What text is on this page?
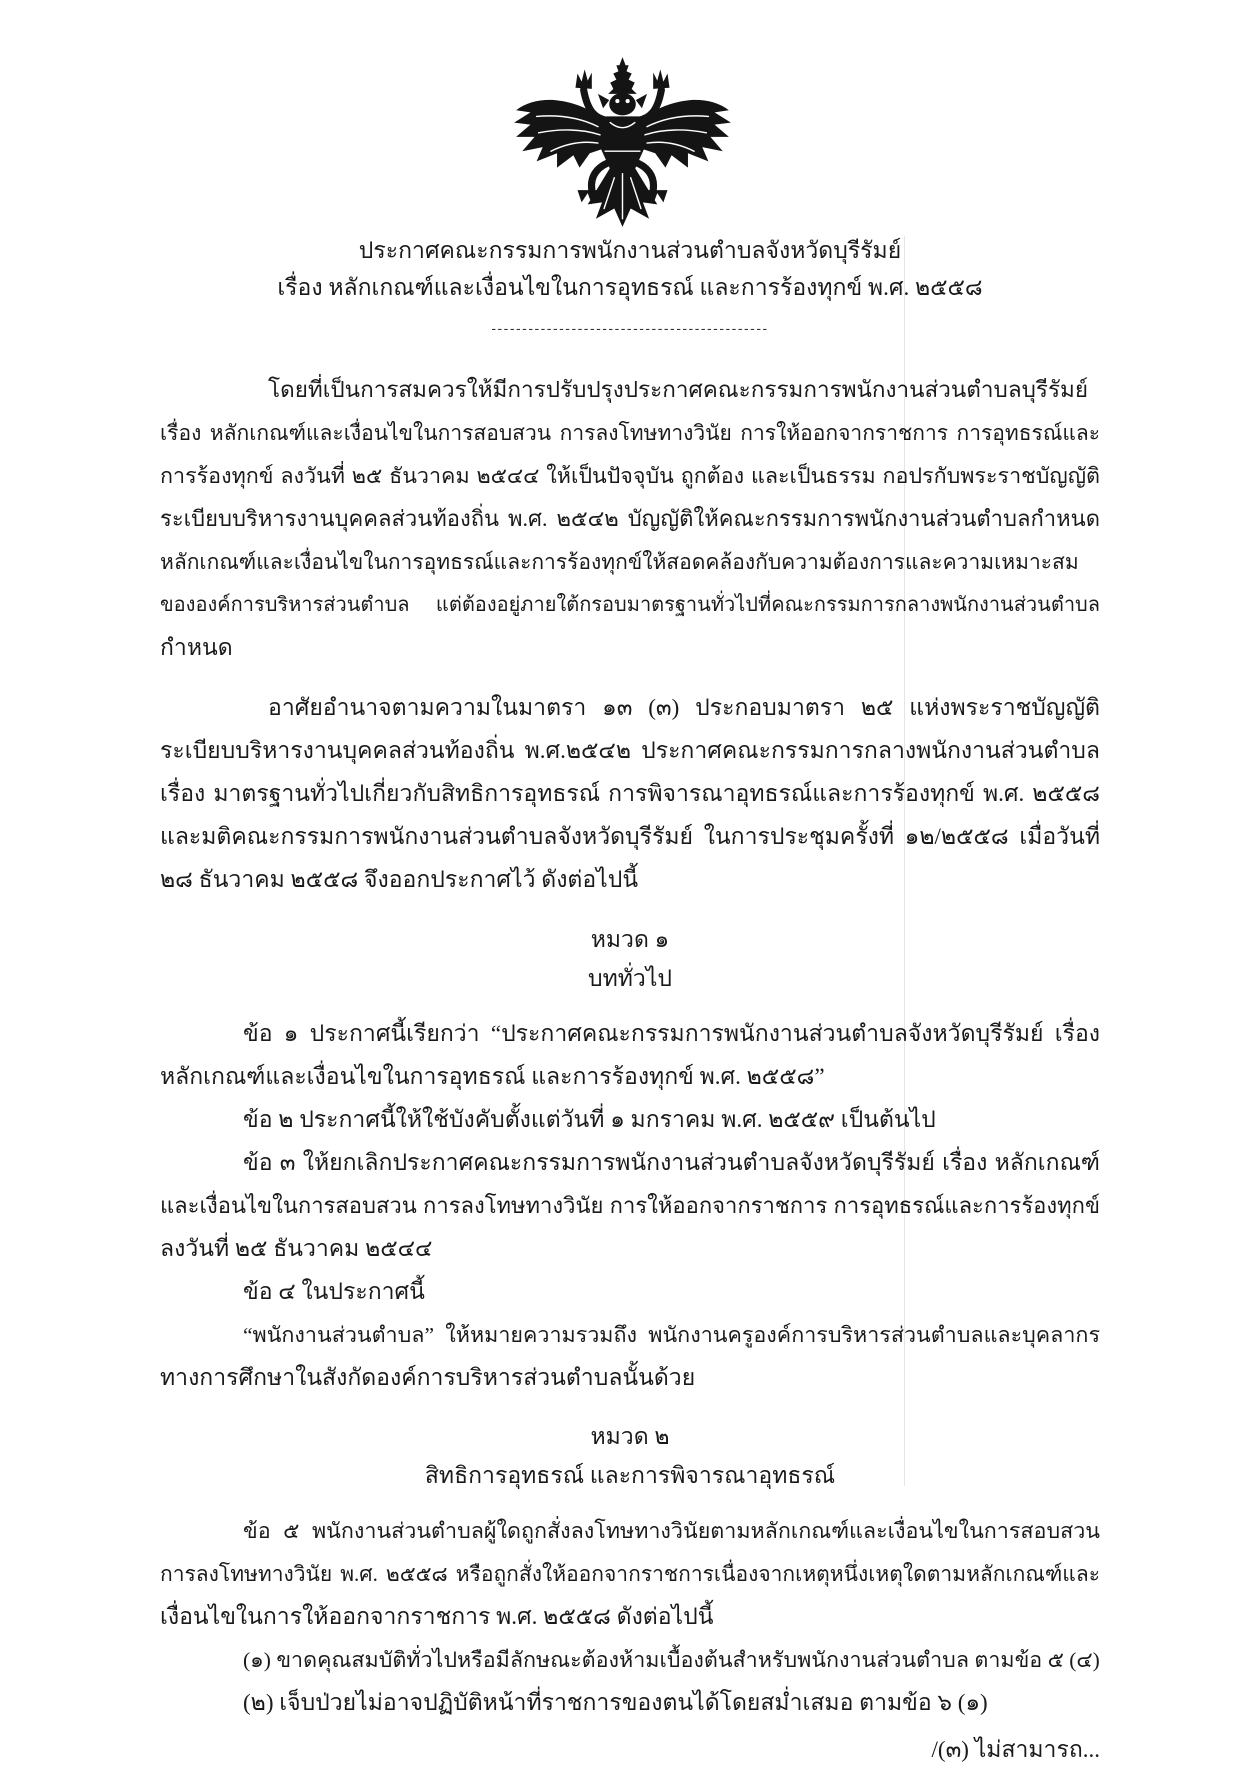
ประกาศคณะกรรมการพนักงานส่วนตำบลจังหวัดบุรีรัมย์
เรื่อง หลักเกณฑ์และเงื่อนไขในการอุทธรณ์ และการร้องทุกข์ พ.ศ. ๒๕๕๘
---------------------------------------------
โดยที่เป็นการสมควรให้มีการปรับปรุงประกาศคณะกรรมการพนักงานส่วนตำบลบุรีรัมย์
เรื่อง หลักเกณฑ์และเงื่อนไขในการสอบสวน การลงโทษทางวินัย การให้ออกจากราชการ การอุทธรณ์และ
การร้องทุกข์ ลงวันที่ ๒๕ ธันวาคม ๒๕๔๔ ให้เป็นปัจจุบัน ถูกต้อง และเป็นธรรม กอปรกับพระราชบัญญัติ
ระเบียบบริหารงานบุคคลส่วนท้องถิ่น พ.ศ. ๒๕๔๒ บัญญัติให้คณะกรรมการพนักงานส่วนตำบลกำหนด
หลักเกณฑ์และเงื่อนไขในการอุทธรณ์และการร้องทุกข์ให้สอดคล้องกับความต้องการและความเหมาะสม
ขององค์การบริหารส่วนตำบล แต่ต้องอยู่ภายใต้กรอบมาตรฐานทั่วไปที่คณะกรรมการกลางพนักงานส่วนตำบล
กำหนด
อาศัยอำนาจตามความในมาตรา ๑๓ (๓) ประกอบมาตรา ๒๕ แห่งพระราชบัญญัติ
ระเบียบบริหารงานบุคคลส่วนท้องถิ่น พ.ศ.๒๕๔๒ ประกาศคณะกรรมการกลางพนักงานส่วนตำบล
เรื่อง มาตรฐานทั่วไปเกี่ยวกับสิทธิการอุทธรณ์ การพิจารณาอุทธรณ์และการร้องทุกข์ พ.ศ. ๒๕๕๘
และมติคณะกรรมการพนักงานส่วนตำบลจังหวัดบุรีรัมย์ ในการประชุมครั้งที่ ๑๒/๒๕๕๘ เมื่อวันที่
๒๘ ธันวาคม ๒๕๕๘ จึงออกประกาศไว้ ดังต่อไปนี้
หมวด ๑
บททั่วไป
ข้อ ๑ ประกาศนี้เรียกว่า “ประกาศคณะกรรมการพนักงานส่วนตำบลจังหวัดบุรีรัมย์ เรื่อง
หลักเกณฑ์และเงื่อนไขในการอุทธรณ์ และการร้องทุกข์ พ.ศ. ๒๕๕๘”
ข้อ ๒ ประกาศนี้ให้ใช้บังคับตั้งแต่วันที่ ๑ มกราคม พ.ศ. ๒๕๕๙ เป็นต้นไป
ข้อ ๓ ให้ยกเลิกประกาศคณะกรรมการพนักงานส่วนตำบลจังหวัดบุรีรัมย์ เรื่อง หลักเกณฑ์
และเงื่อนไขในการสอบสวน การลงโทษทางวินัย การให้ออกจากราชการ การอุทธรณ์และการร้องทุกข์
ลงวันที่ ๒๕ ธันวาคม ๒๕๔๔
ข้อ ๔ ในประกาศนี้
“พนักงานส่วนตำบล” ให้หมายความรวมถึง พนักงานครูองค์การบริหารส่วนตำบลและบุคลากร
ทางการศึกษาในสังกัดองค์การบริหารส่วนตำบลนั้นด้วย
หมวด ๒
สิทธิการอุทธรณ์ และการพิจารณาอุทธรณ์
ข้อ ๕ พนักงานส่วนตำบลผู้ใดถูกสั่งลงโทษทางวินัยตามหลักเกณฑ์และเงื่อนไขในการสอบสวน
การลงโทษทางวินัย พ.ศ. ๒๕๕๘ หรือถูกสั่งให้ออกจากราชการเนื่องจากเหตุหนึ่งเหตุใดตามหลักเกณฑ์และ
เงื่อนไขในการให้ออกจากราชการ พ.ศ. ๒๕๕๘ ดังต่อไปนี้
(๑) ขาดคุณสมบัติทั่วไปหรือมีลักษณะต้องห้ามเบื้องต้นสำหรับพนักงานส่วนตำบล ตามข้อ ๕ (๔)
(๒) เจ็บป่วยไม่อาจปฏิบัติหน้าที่ราชการของตนได้โดยสม่ำเสมอ ตามข้อ ๖ (๑)
/(๓) ไม่สามารถ...
